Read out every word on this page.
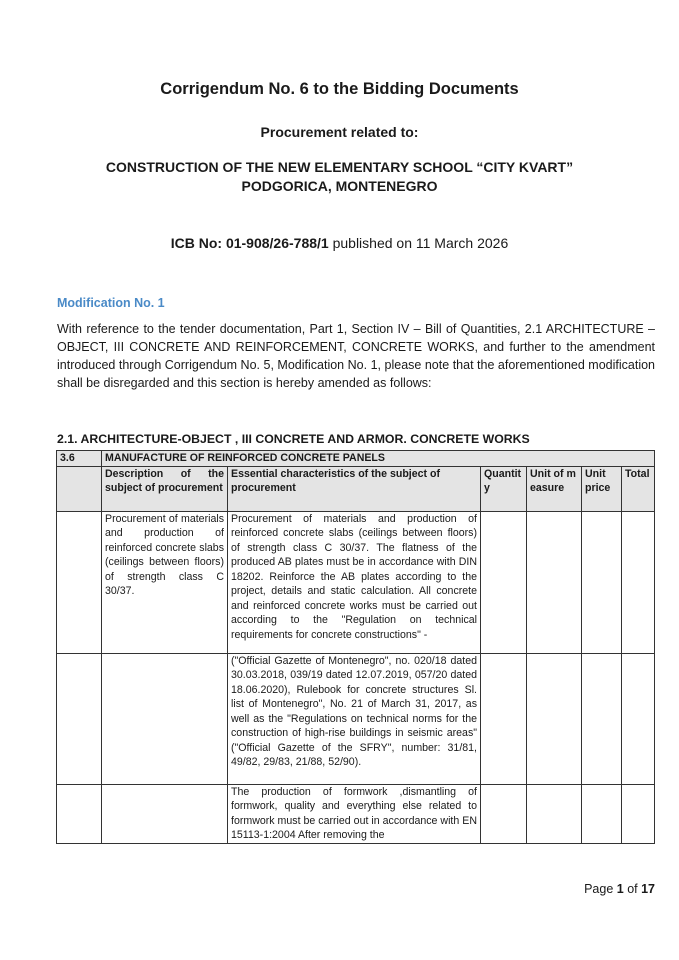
Corrigendum No. 6 to the Bidding Documents

Procurement related to:

CONSTRUCTION OF THE NEW ELEMENTARY SCHOOL “CITY KVART”
PODGORICA, MONTENEGRO

ICB No: 01-908/26-788/1 published on 11 March 2026

Modification No. 1

With reference to the tender documentation, Part 1, Section IV – Bill of Quantities, 2.1 ARCHITECTURE – OBJECT, III CONCRETE AND REINFORCEMENT, CONCRETE WORKS, and further to the amendment introduced through Corrigendum No. 5, Modification No. 1, please note that the aforementioned modification shall be disregarded and this section is hereby amended as follows:

2.1. ARCHITECTURE-OBJECT , III CONCRETE AND ARMOR. CONCRETE WORKS

3.6	MANUFACTURE OF REINFORCED CONCRETE PANELS					
	Description of the subject of procurement	Essential characteristics of the subject of procurement	Quantity	Unit of measure	Unit price	Total
	Procurement of materials and production of reinforced concrete slabs (ceilings between floors) of strength class C 30/37.	Procurement of materials and production of reinforced concrete slabs (ceilings between floors) of strength class C 30/37. The flatness of the produced AB plates must be in accordance with DIN 18202. Reinforce the AB plates according to the project, details and static calculation. All concrete and reinforced concrete works must be carried out according to the "Regulation on technical requirements for concrete constructions" -				
		("Official Gazette of Montenegro", no. 020/18 dated 30.03.2018, 039/19 dated 12.07.2019, 057/20 dated 18.06.2020), Rulebook for concrete structures Sl. list of Montenegro", No. 21 of March 31, 2017, as well as the "Regulations on technical norms for the construction of high-rise buildings in seismic areas" ("Official Gazette of the SFRY", number: 31/81, 49/82, 29/83, 21/88, 52/90).				
		The production of formwork ,dismantling of formwork, quality and everything else related to formwork must be carried out in accordance with EN 15113-1:2004 After removing the				

Page 1 of 17
